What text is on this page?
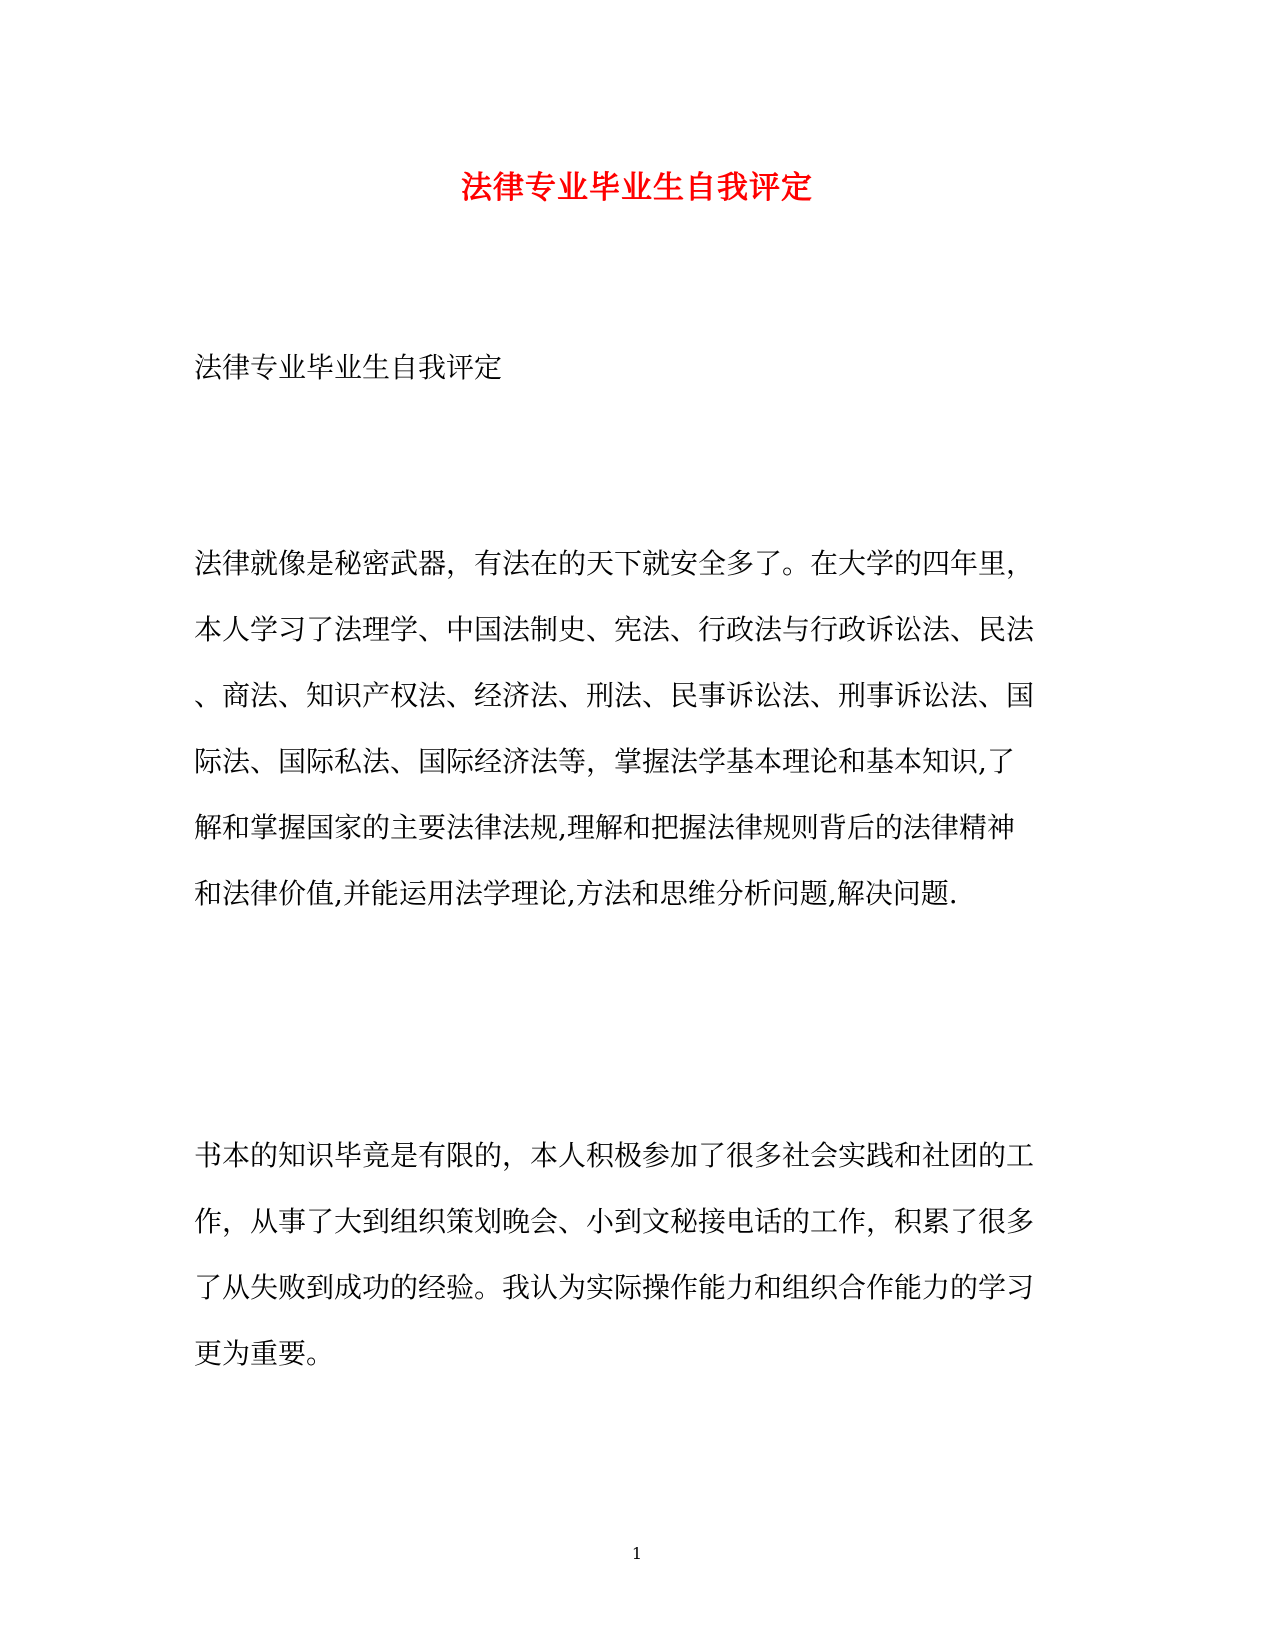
法律专业毕业生自我评定
法律专业毕业生自我评定
法律就像是秘密武器，有法在的天下就安全多了。在大学的四年里，
本人学习了法理学、中国法制史、宪法、行政法与行政诉讼法、民法
、商法、知识产权法、经济法、刑法、民事诉讼法、刑事诉讼法、国
际法、国际私法、国际经济法等，掌握法学基本理论和基本知识,了
解和掌握国家的主要法律法规,理解和把握法律规则背后的法律精神
和法律价值,并能运用法学理论,方法和思维分析问题,解决问题.
书本的知识毕竟是有限的，本人积极参加了很多社会实践和社团的工
作，从事了大到组织策划晚会、小到文秘接电话的工作，积累了很多
了从失败到成功的经验。我认为实际操作能力和组织合作能力的学习
更为重要。
1
